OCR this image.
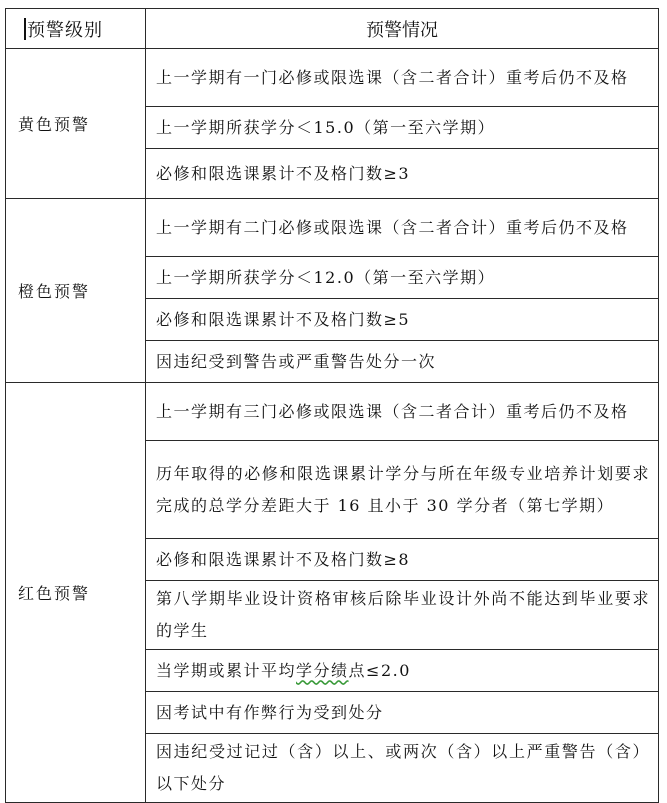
预警级别	预警情况
黄色预警	上一学期有一门必修或限选课（含二者合计）重考后仍不及格
	上一学期所获学分＜15.0（第一至六学期）
	必修和限选课累计不及格门数≥3
橙色预警	上一学期有二门必修或限选课（含二者合计）重考后仍不及格
	上一学期所获学分＜12.0（第一至六学期）
	必修和限选课累计不及格门数≥5
	因违纪受到警告或严重警告处分一次
红色预警	上一学期有三门必修或限选课（含二者合计）重考后仍不及格
	历年取得的必修和限选课累计学分与所在年级专业培养计划要求完成的总学分差距大于 16 且小于 30 学分者（第七学期）
	必修和限选课累计不及格门数≥8
	第八学期毕业设计资格审核后除毕业设计外尚不能达到毕业要求的学生
	当学期或累计平均学分绩点≤2.0
	因考试中有作弊行为受到处分
	因违纪受过记过（含）以上、或两次（含）以上严重警告（含）以下处分
